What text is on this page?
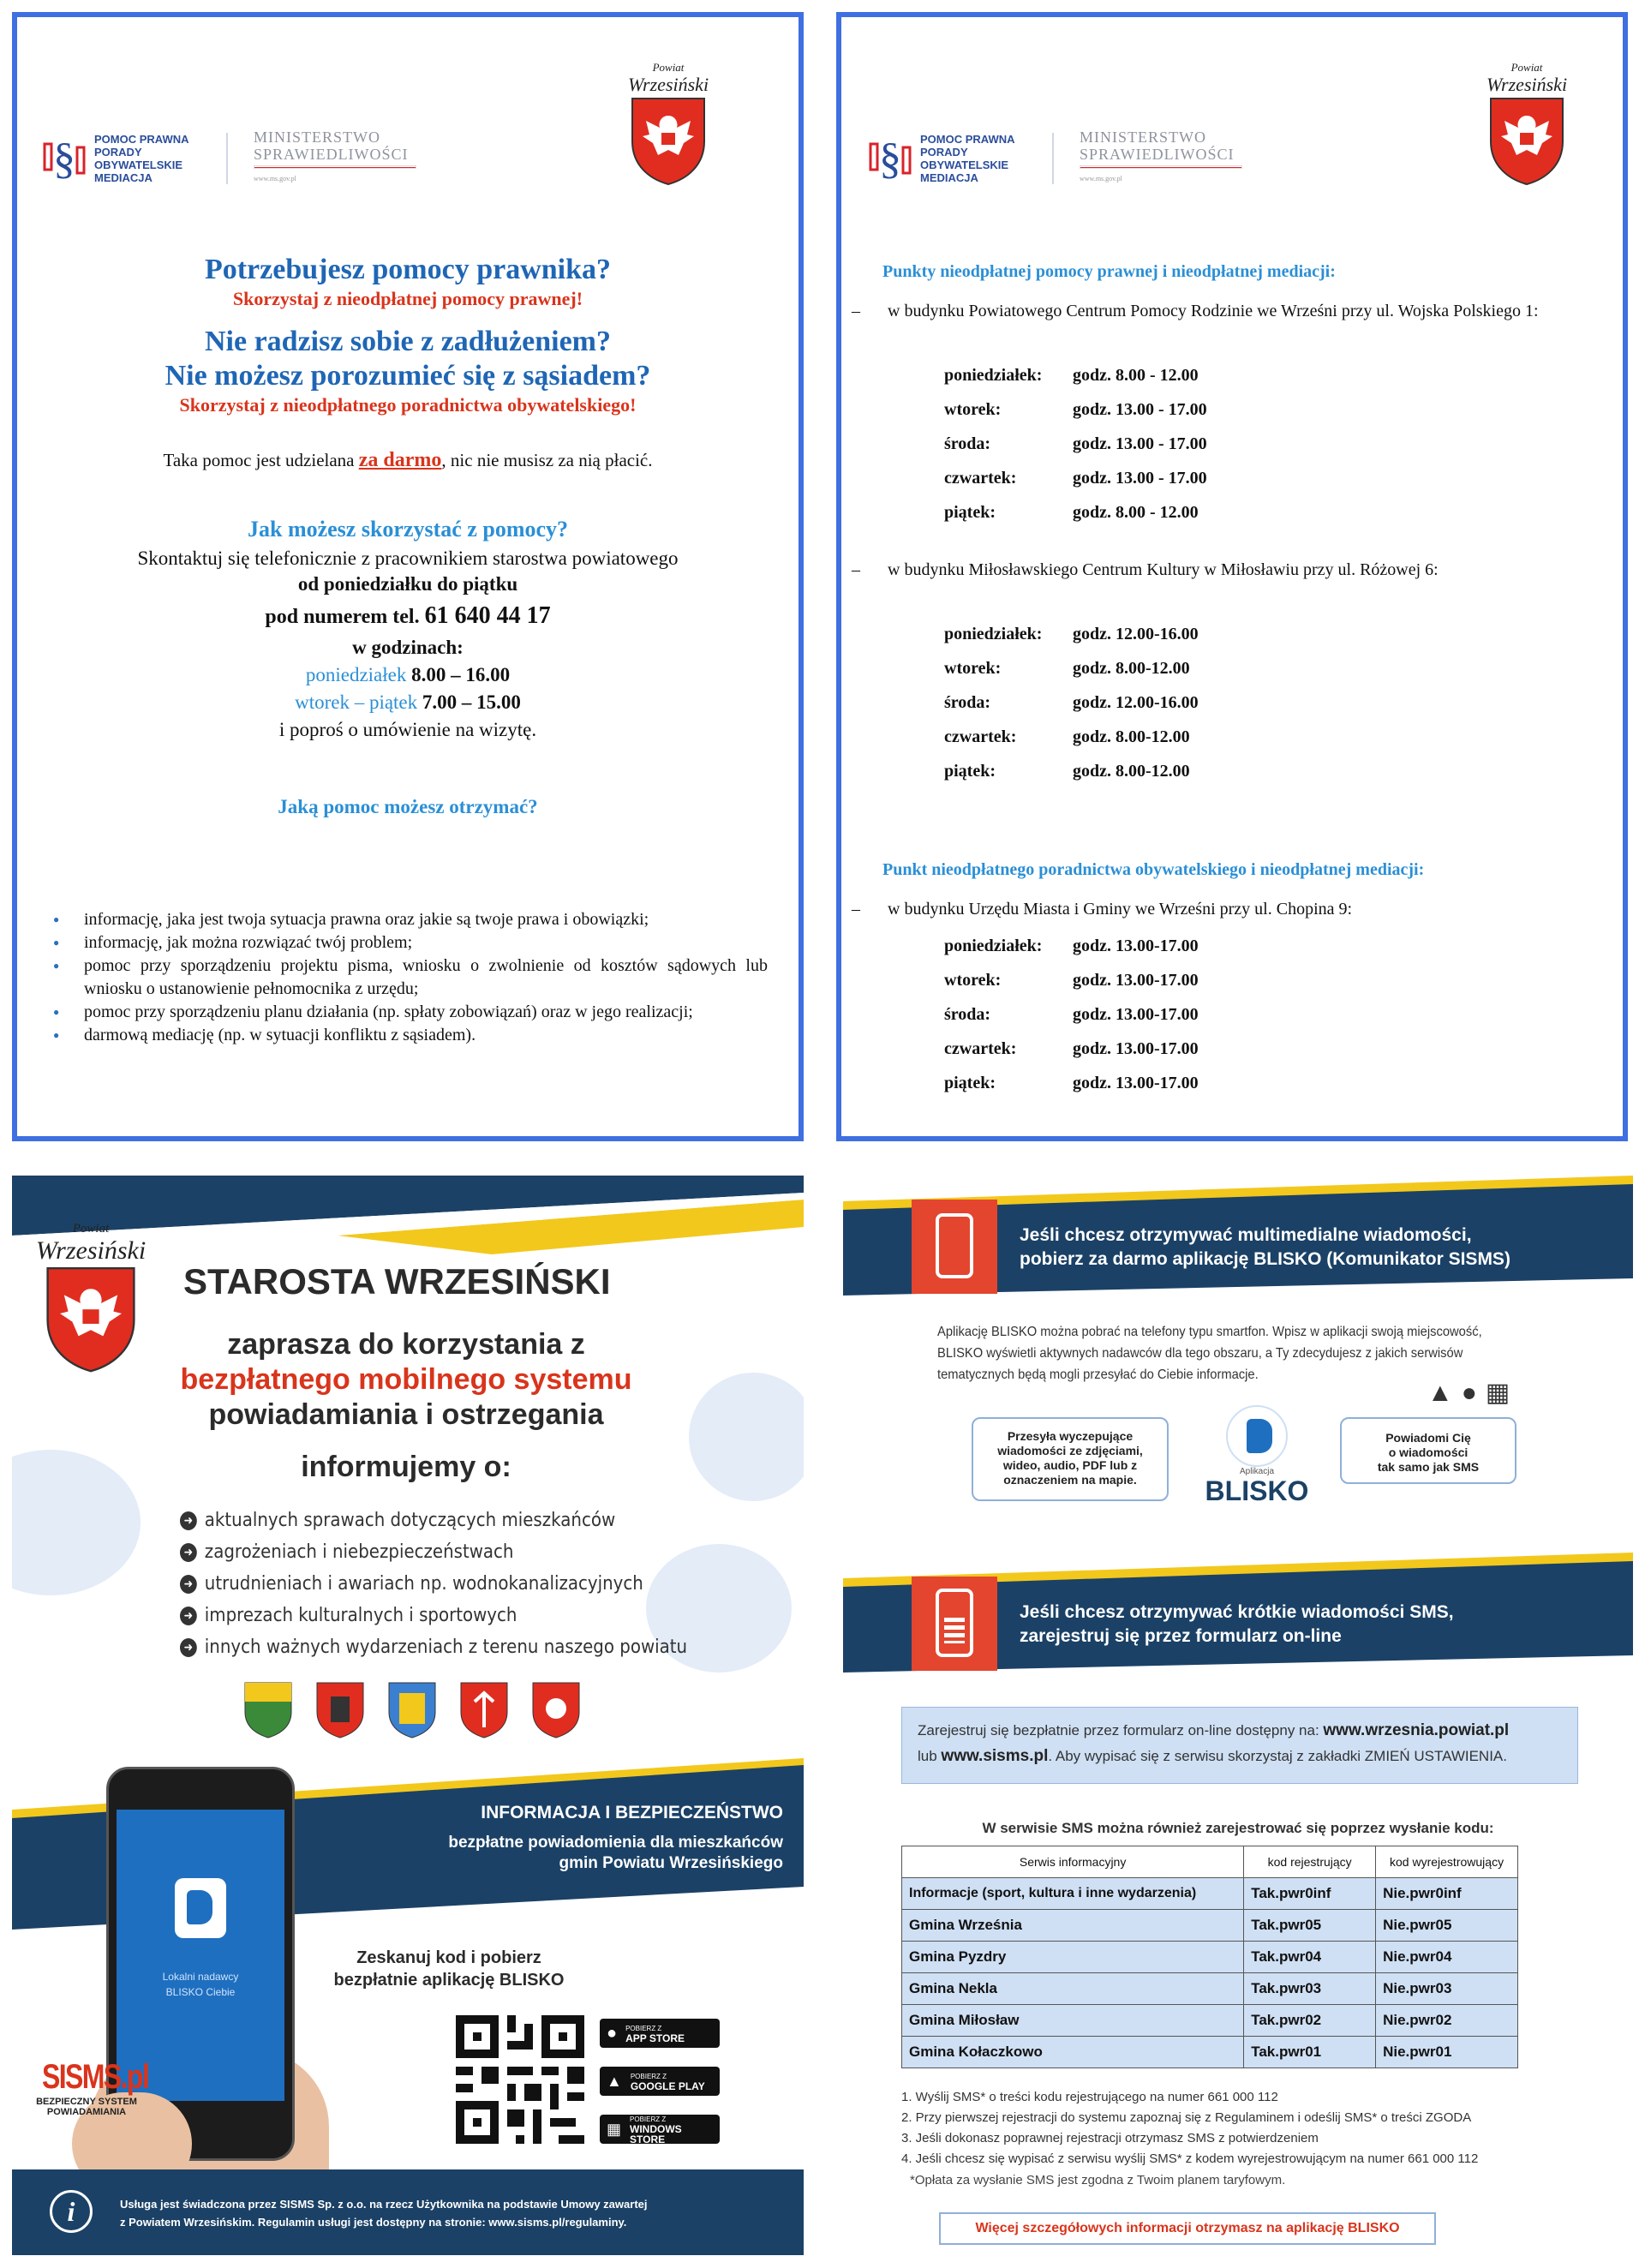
§ POMOC PRAWNA
PORADY OBYWATELSKIE
MEDIACJA
MINISTERSTWO
SPRAWIEDLIWOŚCI
www.ms.gov.pl
Powiat
Wrzesiński
Potrzebujesz pomocy prawnika?
Skorzystaj z nieodpłatnej pomocy prawnej!
Nie radzisz sobie z zadłużeniem?
Nie możesz porozumieć się z sąsiadem?
Skorzystaj z nieodpłatnego poradnictwa obywatelskiego!
Taka pomoc jest udzielana za darmo, nic nie musisz za nią płacić.
Jak możesz skorzystać z pomocy?
Skontaktuj się telefonicznie z pracownikiem starostwa powiatowego
od poniedziałku do piątku
pod numerem tel. 61 640 44 17
w godzinach:
poniedziałek 8.00 – 16.00
wtorek – piątek 7.00 – 15.00
i poproś o umówienie na wizytę.
Jaką pomoc możesz otrzymać?
● informację, jaka jest twoja sytuacja prawna oraz jakie są twoje prawa i obowiązki;
● informację, jak można rozwiązać twój problem;
● pomoc przy sporządzeniu projektu pisma, wniosku o zwolnienie od kosztów sądowych lub wniosku o ustanowienie pełnomocnika z urzędu;
● pomoc przy sporządzeniu planu działania (np. spłaty zobowiązań) oraz w jego realizacji;
● darmową mediację (np. w sytuacji konfliktu z sąsiadem).
§ POMOC PRAWNA
PORADY OBYWATELSKIE
MEDIACJA
MINISTERSTWO
SPRAWIEDLIWOŚCI
www.ms.gov.pl
Powiat
Wrzesiński
Punkty nieodpłatnej pomocy prawnej i nieodpłatnej mediacji:
– w budynku Powiatowego Centrum Pomocy Rodzinie we Wrześni przy ul. Wojska Polskiego 1:
poniedziałek:	godz. 8.00 - 12.00
wtorek:	godz. 13.00 - 17.00
środa:	godz. 13.00 - 17.00
czwartek:	godz. 13.00 - 17.00
piątek:	godz. 8.00 - 12.00
– w budynku Miłosławskiego Centrum Kultury w Miłosławiu przy ul. Różowej 6:
poniedziałek:	godz. 12.00-16.00
wtorek:	godz. 8.00-12.00
środa:	godz. 12.00-16.00
czwartek:	godz. 8.00-12.00
piątek:	godz. 8.00-12.00
Punkt nieodpłatnego poradnictwa obywatelskiego i nieodpłatnej mediacji:
– w budynku Urzędu Miasta i Gminy we Wrześni przy ul. Chopina 9:
poniedziałek:	godz. 13.00-17.00
wtorek:	godz. 13.00-17.00
środa:	godz. 13.00-17.00
czwartek:	godz. 13.00-17.00
piątek:	godz. 13.00-17.00
Powiat
Wrzesiński
STAROSTA WRZESIŃSKI
zaprasza do korzystania z
bezpłatnego mobilnego systemu
powiadamiania i ostrzegania
informujemy o:
➜ aktualnych sprawach dotyczących mieszkańców
➜ zagrożeniach i niebezpieczeństwach
➜ utrudnieniach i awariach np. wodnokanalizacyjnych
➜ imprezach kulturalnych i sportowych
➜ innych ważnych wydarzeniach z terenu naszego powiatu
INFORMACJA I BEZPIECZEŃSTWO
bezpłatne powiadomienia dla mieszkańców
gmin Powiatu Wrzesińskiego
Lokalni nadawcy
BLISKO Ciebie
Zeskanuj kod i pobierz
bezpłatnie aplikację BLISKO
● POBIERZ Z
APP STORE
▲ POBIERZ Z
GOOGLE PLAY
▦
POBIERZ Z
WINDOWS STORE
SISMS.pl
BEZPIECZNY SYSTEM
POWIADAMIANIA
i	Usługa jest świadczona przez SISMS Sp. z o.o. na rzecz Użytkownika na podstawie Umowy zawartej
z Powiatem Wrzesińskim. Regulamin usługi jest dostępny na stronie: www.sisms.pl/regulaminy.
Jeśli chcesz otrzymywać multimedialne wiadomości,
pobierz za darmo aplikację BLISKO (Komunikator SISMS)
Aplikację BLISKO można pobrać na telefony typu smartfon. Wpisz w aplikacji swoją miejscowość,
BLISKO wyświetli aktywnych nadawców dla tego obszaru, a Ty zdecydujesz z jakich serwisów
tematycznych będą mogli przesyłać do Ciebie informacje.
▲●▦
Przesyła wyczepujące
wiadomości ze zdjęciami,
wideo, audio, PDF lub z
oznaczeniem na mapie.
Aplikacja
BLISKO
Powiadomi Cię
o wiadomości
tak samo jak SMS
Jeśli chcesz otrzymywać krótkie wiadomości SMS,
zarejestruj się przez formularz on-line
Zarejestruj się bezpłatnie przez formularz on-line dostępny na: www.wrzesnia.powiat.pl
lub www.sisms.pl. Aby wypisać się z serwisu skorzystaj z zakładki ZMIEŃ USTAWIENIA.
W serwisie SMS można również zarejestrować się poprzez wysłanie kodu:
Serwis informacyjny	kod rejestrujący	kod wyrejestrowujący
Informacje (sport, kultura i inne wydarzenia)	Tak.pwr0inf	Nie.pwr0inf
Gmina Września	Tak.pwr05	Nie.pwr05
Gmina Pyzdry	Tak.pwr04	Nie.pwr04
Gmina Nekla	Tak.pwr03	Nie.pwr03
Gmina Miłosław	Tak.pwr02	Nie.pwr02
Gmina Kołaczkowo	Tak.pwr01	Nie.pwr01
1. Wyślij SMS* o treści kodu rejestrującego na numer 661 000 112
2. Przy pierwszej rejestracji do systemu zapoznaj się z Regulaminem i odeślij SMS* o treści ZGODA
3. Jeśli dokonasz poprawnej rejestracji otrzymasz SMS z potwierdzeniem
4. Jeśli chcesz się wypisać z serwisu wyślij SMS* z kodem wyrejestrowującym na numer 661 000 112
*Opłata za wysłanie SMS jest zgodna z Twoim planem taryfowym.
Więcej szczegółowych informacji otrzymasz na aplikację BLISKO
